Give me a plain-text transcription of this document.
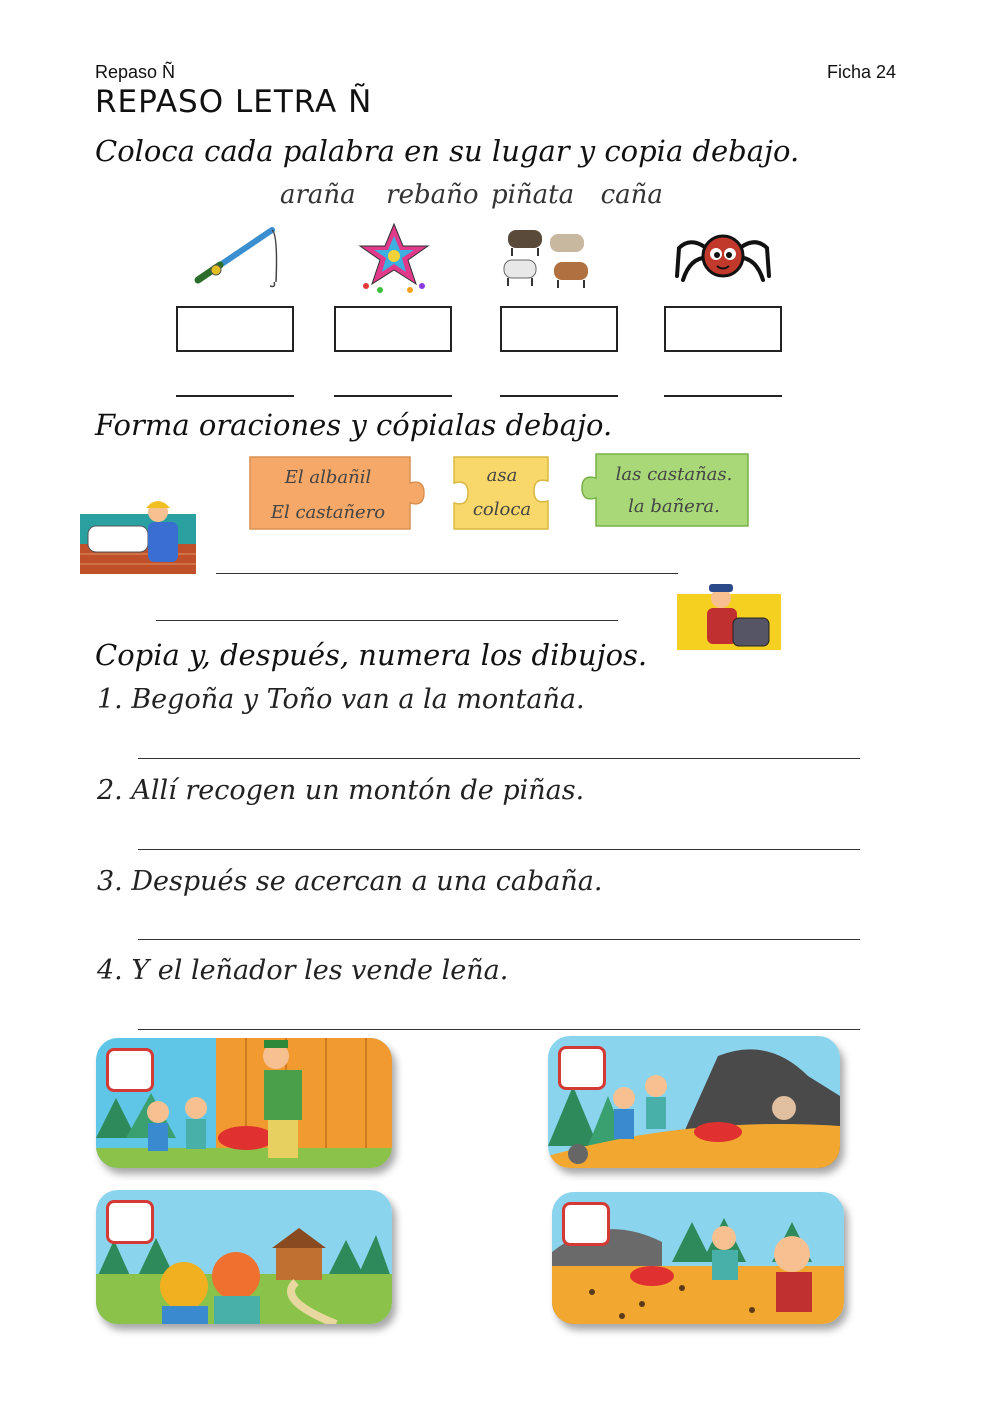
Repaso Ñ	Ficha 24
REPASO LETRA Ñ
Coloca cada palabra en su lugar y copia debajo.
araña rebaño piñata caña
Forma oraciones y cópialas debajo.
El albañil
El castañero
asa
coloca
las castañas.
la bañera.
Copia y, después, numera los dibujos.
1. Begoña y Toño van a la montaña.
2. Allí recogen un montón de piñas.
3. Después se acercan a una cabaña.
4. Y el leñador les vende leña.
